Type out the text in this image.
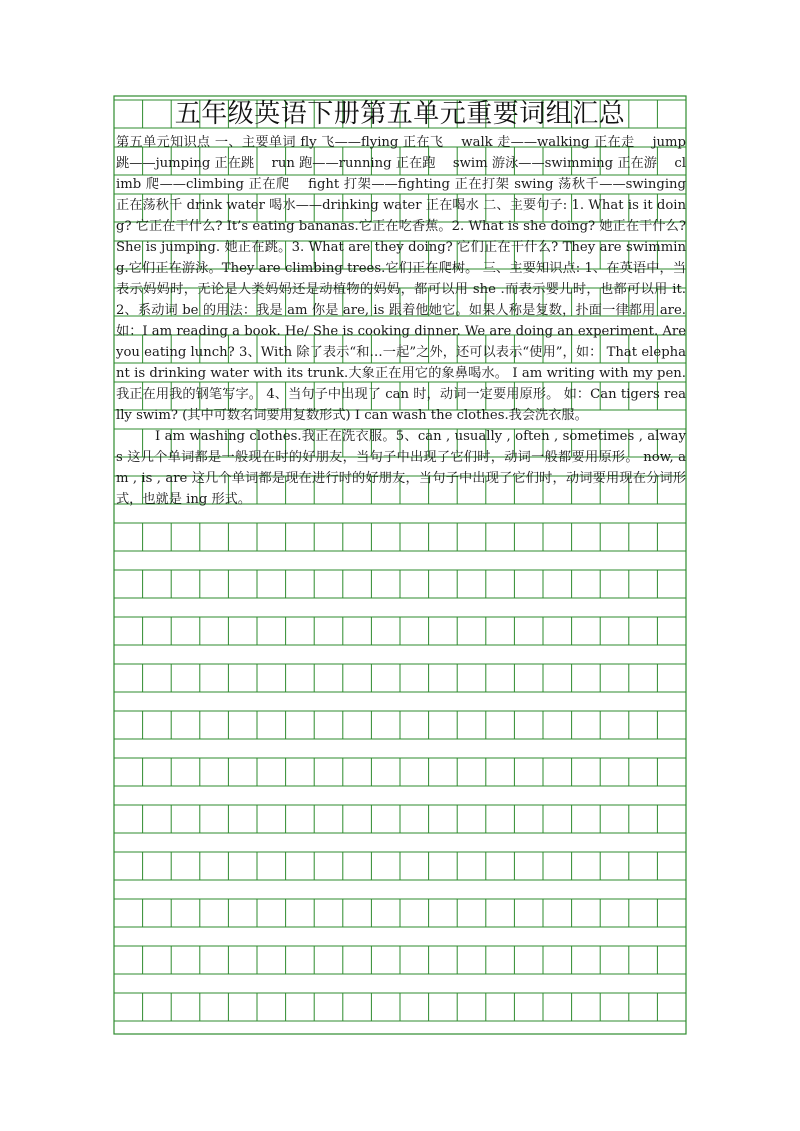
五年级英语下册第五单元重要词组汇总

第五单元知识点 一、主要单词 fly 飞——flying 正在飞　 walk 走——walking 正在走　 jump 跳——jumping 正在跳　 run 跑——running 正在跑　 swim 游泳——swimming 正在游　 climb 爬——climbing 正在爬　 fight 打架——fighting 正在打架 swing 荡秋千——swinging 正在荡秋千 drink water 喝水——drinking water 正在喝水 二、主要句子: 1. What is it doing? 它正在干什么? It’s eating bananas.它正在吃香蕉。2. What is she doing? 她正在干什么? She is jumping. 她正在跳。3. What are they doing? 它们正在干什么? They are swimming.它们正在游泳。They are climbing trees.它们正在爬树。 三、主要知识点: 1、在英语中，当表示妈妈时，无论是人类妈妈还是动植物的妈妈，都可以用 she .而表示婴儿时，也都可以用 it. 2、系动词 be 的用法：我是 am 你是 are, is 跟着他她它。如果人称是复数，扑面一律都用 are.　 如：I am reading a book. He/ She is cooking dinner. We are doing an experiment. Are you eating lunch? 3、With 除了表示“和…一起”之外，还可以表示“使用”，如： That elephant is drinking water with its trunk.大象正在用它的象鼻喝水。 I am writing with my pen.我正在用我的钢笔写字。 4、当句子中出现了 can 时，动词一定要用原形。 如：Can tigers really swim? (其中可数名词要用复数形式) I can wash the clothes.我会洗衣服。

I am washing clothes.我正在洗衣服。5、can , usually , often , sometimes , always 这几个单词都是一般现在时的好朋友，当句子中出现了它们时，动词一般都要用原形。 now, am , is , are 这几个单词都是现在进行时的好朋友，当句子中出现了它们时，动词要用现在分词形式，也就是 ing 形式。
